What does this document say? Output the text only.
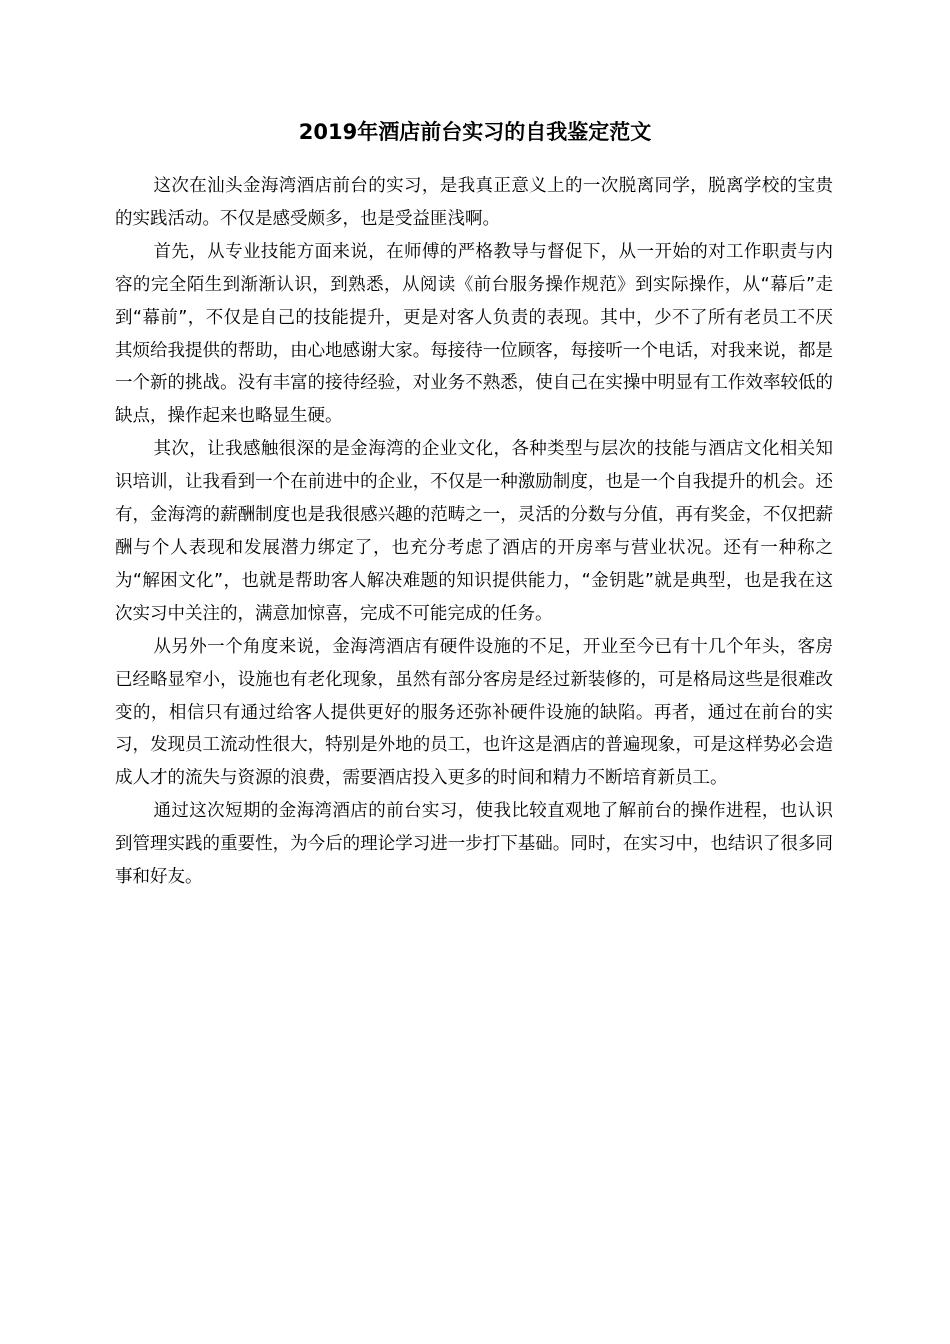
2019年酒店前台实习的自我鉴定范文

这次在汕头金海湾酒店前台的实习，是我真正意义上的一次脱离同学，脱离学校的宝贵的实践活动。不仅是感受颇多，也是受益匪浅啊。

首先，从专业技能方面来说，在师傅的严格教导与督促下，从一开始的对工作职责与内容的完全陌生到渐渐认识，到熟悉，从阅读《前台服务操作规范》到实际操作，从“幕后”走到“幕前”，不仅是自己的技能提升，更是对客人负责的表现。其中，少不了所有老员工不厌其烦给我提供的帮助，由心地感谢大家。每接待一位顾客，每接听一个电话，对我来说，都是一个新的挑战。没有丰富的接待经验，对业务不熟悉，使自己在实操中明显有工作效率较低的缺点，操作起来也略显生硬。

其次，让我感触很深的是金海湾的企业文化，各种类型与层次的技能与酒店文化相关知识培训，让我看到一个在前进中的企业，不仅是一种激励制度，也是一个自我提升的机会。还有，金海湾的薪酬制度也是我很感兴趣的范畴之一，灵活的分数与分值，再有奖金，不仅把薪酬与个人表现和发展潜力绑定了，也充分考虑了酒店的开房率与营业状况。还有一种称之为“解困文化”，也就是帮助客人解决难题的知识提供能力，“金钥匙”就是典型，也是我在这次实习中关注的，满意加惊喜，完成不可能完成的任务。

从另外一个角度来说，金海湾酒店有硬件设施的不足，开业至今已有十几个年头，客房已经略显窄小，设施也有老化现象，虽然有部分客房是经过新装修的，可是格局这些是很难改变的，相信只有通过给客人提供更好的服务还弥补硬件设施的缺陷。再者，通过在前台的实习，发现员工流动性很大，特别是外地的员工，也许这是酒店的普遍现象，可是这样势必会造成人才的流失与资源的浪费，需要酒店投入更多的时间和精力不断培育新员工。

通过这次短期的金海湾酒店的前台实习，使我比较直观地了解前台的操作进程，也认识到管理实践的重要性，为今后的理论学习进一步打下基础。同时，在实习中，也结识了很多同事和好友。
